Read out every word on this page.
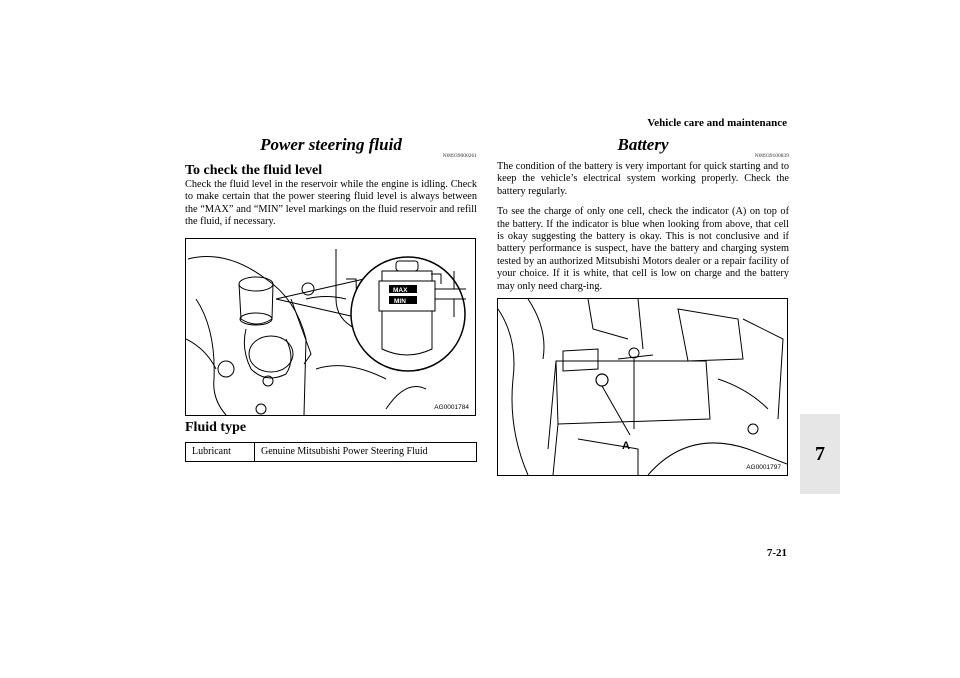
Vehicle care and maintenance
7
7-21
Power steering fluid
N00939000261
To check the fluid level

Check the fluid level in the reservoir while the engine is idling. Check to make certain that the power steering fluid level is always between the “MAX” and “MIN” level markings on the fluid reservoir and refill the fluid, if necessary.

MAX
MIN
AG0001784
Fluid type
Lubricant	Genuine Mitsubishi Power Steering Fluid
Battery
N00939100839

The condition of the battery is very important for quick starting and to keep the vehicle’s electrical system working properly. Check the battery regularly.

To see the charge of only one cell, check the indicator (A) on top of the battery. If the indicator is blue when looking from above, that cell is okay suggesting the battery is okay. This is not conclusive and if battery performance is suspect, have the battery and charging system tested by an authorized Mitsubishi Motors dealer or a repair facility of your choice. If it is white, that cell is low on charge and the battery may only need charg-ing.

A
AG0001797
